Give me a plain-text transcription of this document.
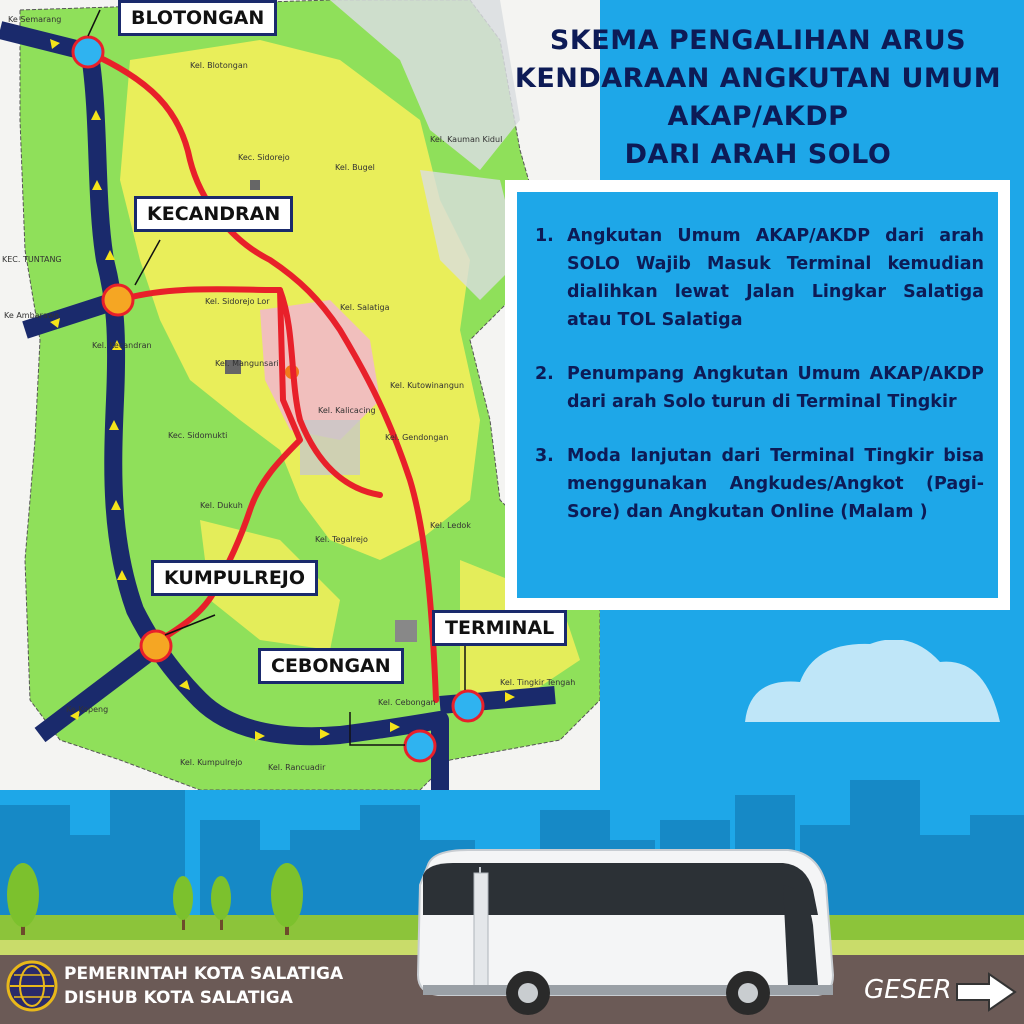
Ke Semarang
KEC. TUNTANG
Ke Ambarawa
Ke Kopeng
Kel. Blotongan
Kec. Sidorejo
Kel. Bugel
Kel. Kauman Kidul
Kel. Sidorejo Lor
Kel. Salatiga
Kel. Kecandran
Kel. Mangunsari
Kec. Sidomukti
Kel. Kalicacing
Kel. Kutowinangun
Kel. Gendongan
Kel. Dukuh
Kel. Tegalrejo
Kel. Ledok
Kel. Tingkir Tengah
Kel. Cebongan
Kel. Kumpulrejo
Kel. Rancuadir
BLOTONGAN
KECANDRAN
KUMPULREJO
TERMINAL
CEBONGAN
SKEMA PENGALIHAN ARUS
KENDARAAN ANGKUTAN UMUM
AKAP/AKDP
DARI ARAH SOLO
1. Angkutan Umum AKAP/AKDP dari arah SOLO Wajib Masuk Terminal kemudian dialihkan lewat Jalan Lingkar Salatiga atau TOL Salatiga
2. Penumpang Angkutan Umum AKAP/AKDP dari arah Solo turun di Terminal Tingkir
3. Moda lanjutan dari Terminal Tingkir bisa menggunakan Angkudes/Angkot (Pagi-Sore) dan Angkutan Online (Malam )
PEMERINTAH KOTA SALATIGA
DISHUB KOTA SALATIGA	GESER
